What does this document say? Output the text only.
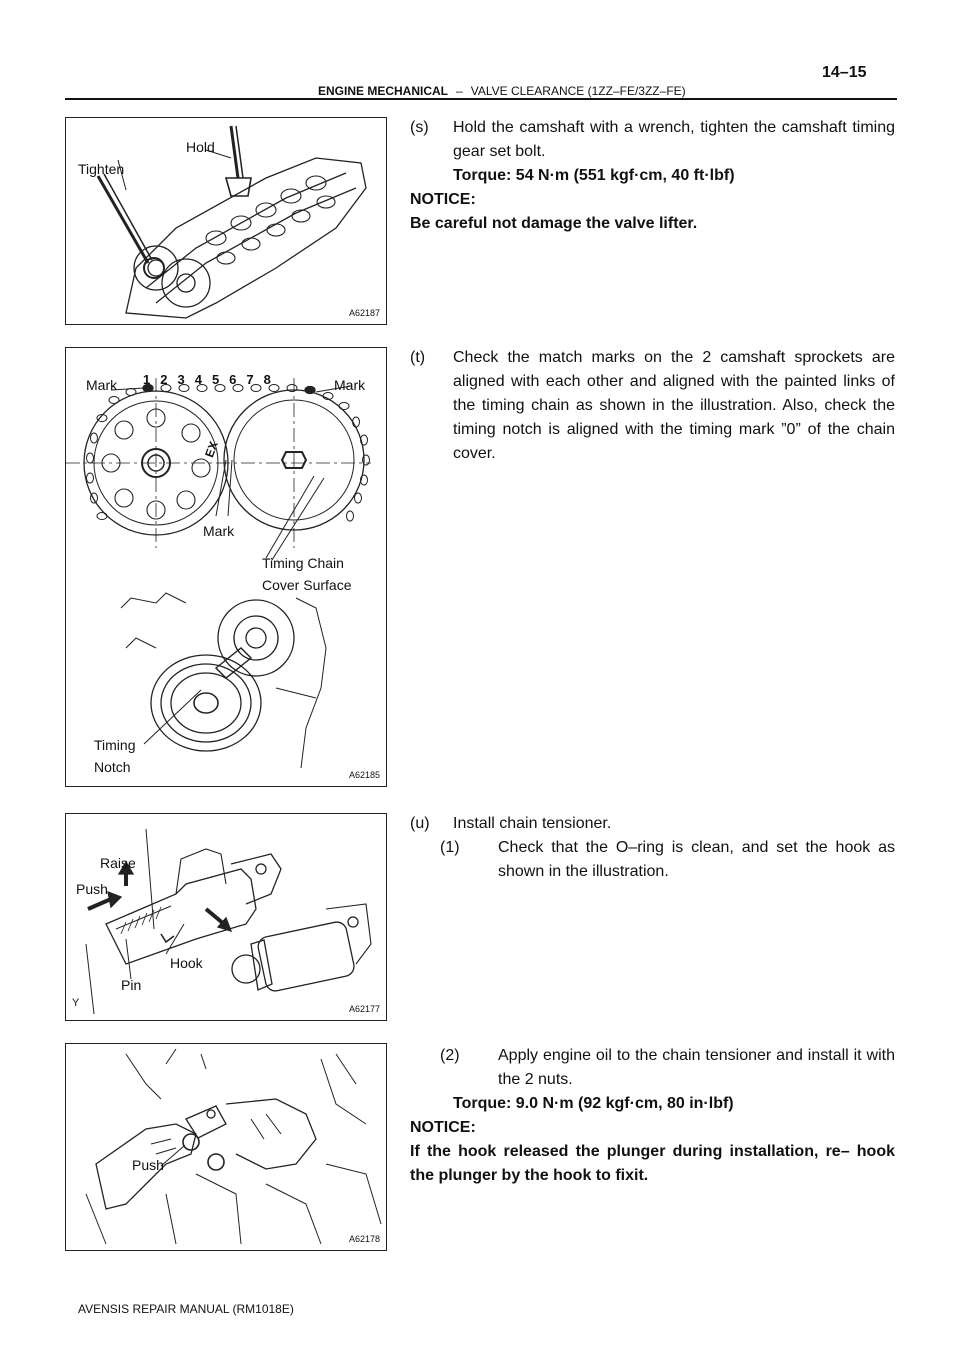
14–15
ENGINE MECHANICAL – VALVE CLEARANCE (1ZZ–FE/3ZZ–FE)
Tighten
Hold
A62187
Mark	Mark
1 2 3 4 5 6 7 8
EX
Mark
Timing Chain
Cover Surface
Timing
Notch	A62185
Raise
Push
Hook
Pin
Y	A62177
Push
A62178
(s) Hold the camshaft with a wrench, tighten the camshaft timing gear set bolt.
Torque: 54 N·m (551 kgf·cm, 40 ft·lbf)
NOTICE:
Be careful not damage the valve lifter.
(t) Check the match marks on the 2 camshaft sprockets are aligned with each other and aligned with the painted links of the timing chain as shown in the illustration. Also, check the timing notch is aligned with the timing mark ”0” of the chain cover.
(u) Install chain tensioner.
(1) Check that the O–ring is clean, and set the hook as shown in the illustration.
(2) Apply engine oil to the chain tensioner and install it with the 2 nuts.
Torque: 9.0 N·m (92 kgf·cm, 80 in·lbf)
NOTICE:
If the hook released the plunger during installation, re– hook the plunger by the hook to fixit.
AVENSIS REPAIR MANUAL (RM1018E)
